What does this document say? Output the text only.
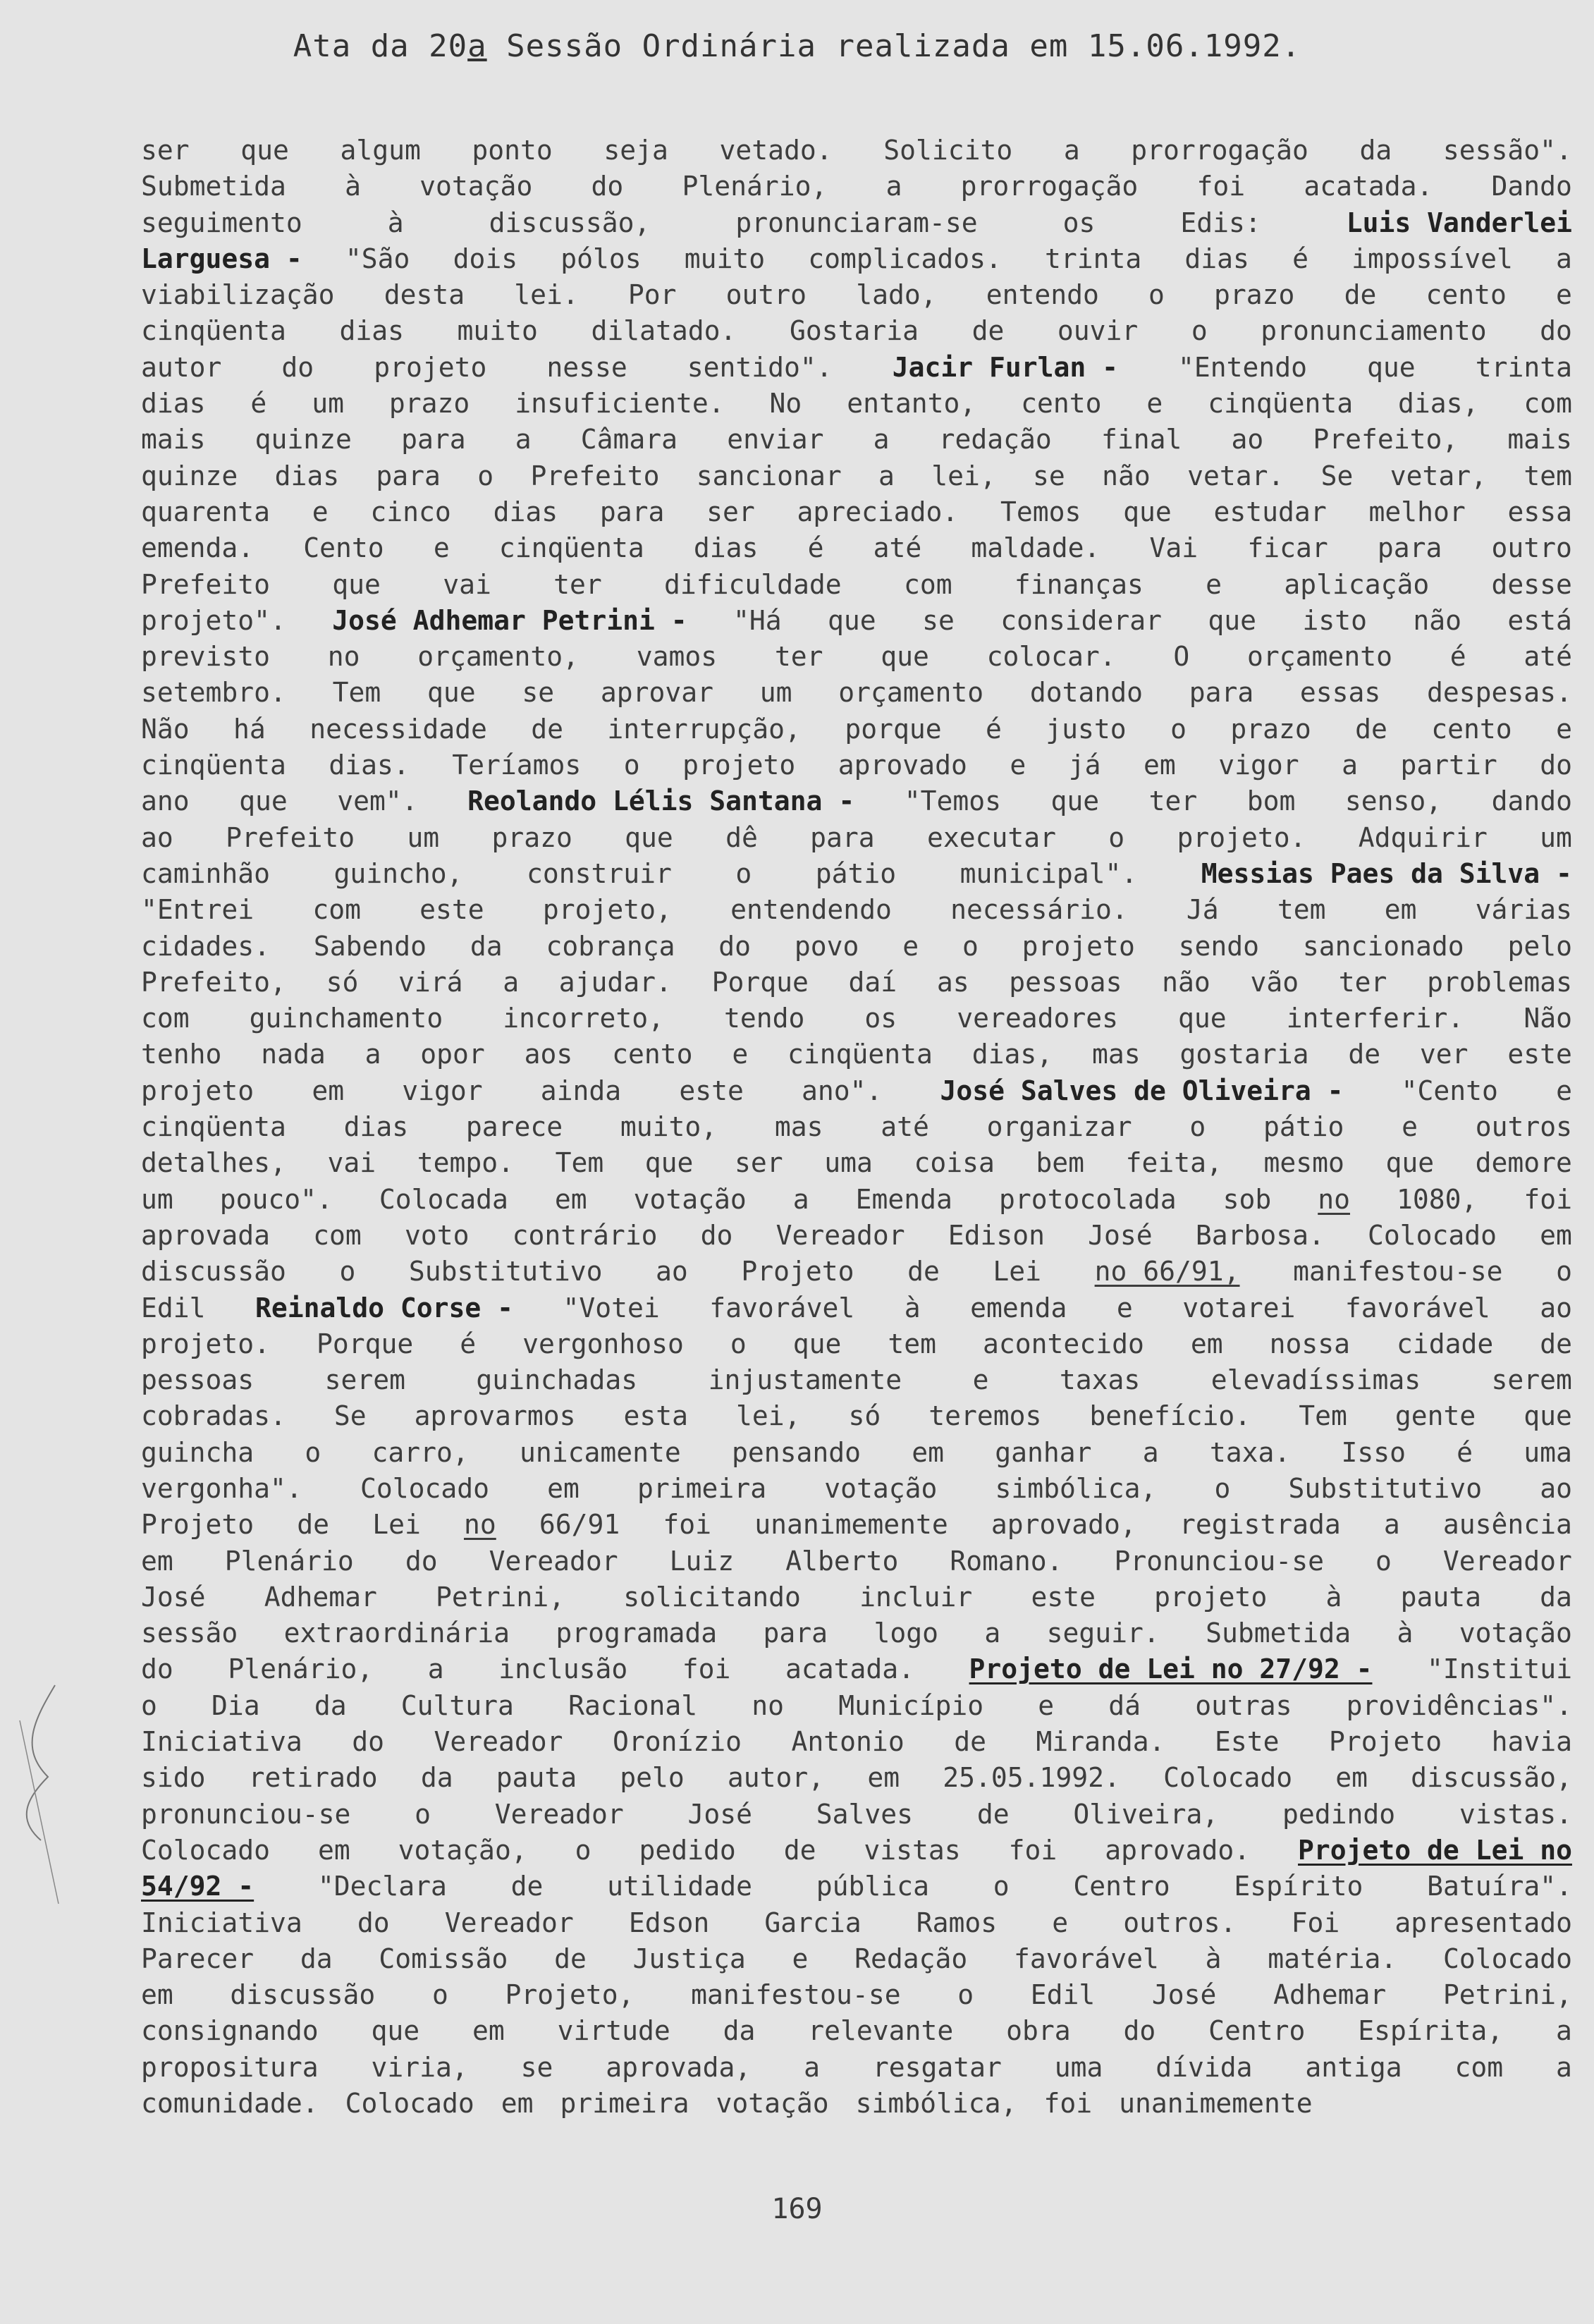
Ata da 20a Sessão Ordinária realizada em 15.06.1992.
ser que algum ponto seja vetado. Solicito a prorrogação da sessão".
Submetida à votação do Plenário, a prorrogação foi acatada. Dando
seguimento	à	discussão,	pronunciaram-se	os	Edis:	Luis Vanderlei
Larguesa - "São dois pólos muito complicados. trinta dias é impossível a
viabilização desta lei. Por outro lado, entendo o prazo de cento e
cinqüenta dias muito dilatado. Gostaria de ouvir o pronunciamento do
autor do projeto nesse sentido". Jacir Furlan - "Entendo que trinta
dias é um prazo insuficiente. No entanto, cento e cinqüenta dias, com
mais quinze para a Câmara enviar a redação final ao Prefeito, mais
quinze dias para o Prefeito sancionar a lei, se não vetar. Se vetar, tem
quarenta e cinco dias para ser apreciado. Temos que estudar melhor essa
emenda. Cento e cinqüenta dias é até maldade. Vai ficar para outro
Prefeito que vai ter dificuldade com finanças e aplicação desse
projeto". José Adhemar Petrini - "Há que se considerar que isto não está
previsto no orçamento, vamos ter que colocar. O orçamento é até
setembro. Tem que se aprovar um orçamento dotando para essas despesas.
Não há necessidade de interrupção, porque é justo o prazo de cento e
cinqüenta dias. Teríamos o projeto aprovado e já em vigor a partir do
ano que vem". Reolando Lélis Santana - "Temos que ter bom senso, dando
ao Prefeito um prazo que dê para executar o projeto. Adquirir um
caminhão guincho, construir o pátio municipal". Messias Paes da Silva -
"Entrei com este projeto, entendendo necessário. Já tem em várias
cidades. Sabendo da cobrança do povo e o projeto sendo sancionado pelo
Prefeito, só virá a ajudar. Porque daí as pessoas não vão ter problemas
com guinchamento incorreto, tendo os vereadores que interferir. Não
tenho nada a opor aos cento e cinqüenta dias, mas gostaria de ver este
projeto em vigor ainda este ano". José Salves de Oliveira - "Cento e
cinqüenta dias parece muito, mas até organizar o pátio e outros
detalhes, vai tempo. Tem que ser uma coisa bem feita, mesmo que demore
um pouco". Colocada em votação a Emenda protocolada sob no 1080, foi
aprovada com voto contrário do Vereador Edison José Barbosa. Colocado em
discussão o Substitutivo ao Projeto de Lei no 66/91, manifestou-se o
Edil Reinaldo Corse - "Votei favorável à emenda e votarei favorável ao
projeto. Porque é vergonhoso o que tem acontecido em nossa cidade de
pessoas	serem	guinchadas	injustamente	e	taxas	elevadíssimas	serem
cobradas. Se aprovarmos esta lei, só teremos benefício. Tem gente que
guincha o carro, unicamente pensando em ganhar a taxa. Isso é uma
vergonha". Colocado em primeira votação simbólica, o Substitutivo ao
Projeto de Lei no 66/91 foi unanimemente aprovado, registrada a ausência
em Plenário do Vereador Luiz Alberto Romano. Pronunciou-se o Vereador
José Adhemar Petrini, solicitando incluir este projeto à pauta da
sessão extraordinária programada para logo a seguir. Submetida à votação
do Plenário, a inclusão foi acatada. Projeto de Lei no 27/92 - "Institui
o Dia da Cultura Racional no Município e dá outras providências".
Iniciativa do Vereador Oronízio Antonio de Miranda. Este Projeto havia
sido retirado da pauta pelo autor, em 25.05.1992. Colocado em discussão,
pronunciou-se o Vereador José Salves de Oliveira, pedindo vistas.
Colocado em votação, o pedido de vistas foi aprovado. Projeto de Lei no
54/92 - "Declara de utilidade pública o Centro Espírito Batuíra".
Iniciativa do Vereador Edson Garcia Ramos e outros. Foi apresentado
Parecer da Comissão de Justiça e Redação favorável à matéria. Colocado
em discussão o Projeto, manifestou-se o Edil José Adhemar Petrini,
consignando que em virtude da relevante obra do Centro Espírita, a
propositura viria, se aprovada, a resgatar uma dívida antiga com a
comunidade. Colocado em primeira votação simbólica, foi unanimemente
169
